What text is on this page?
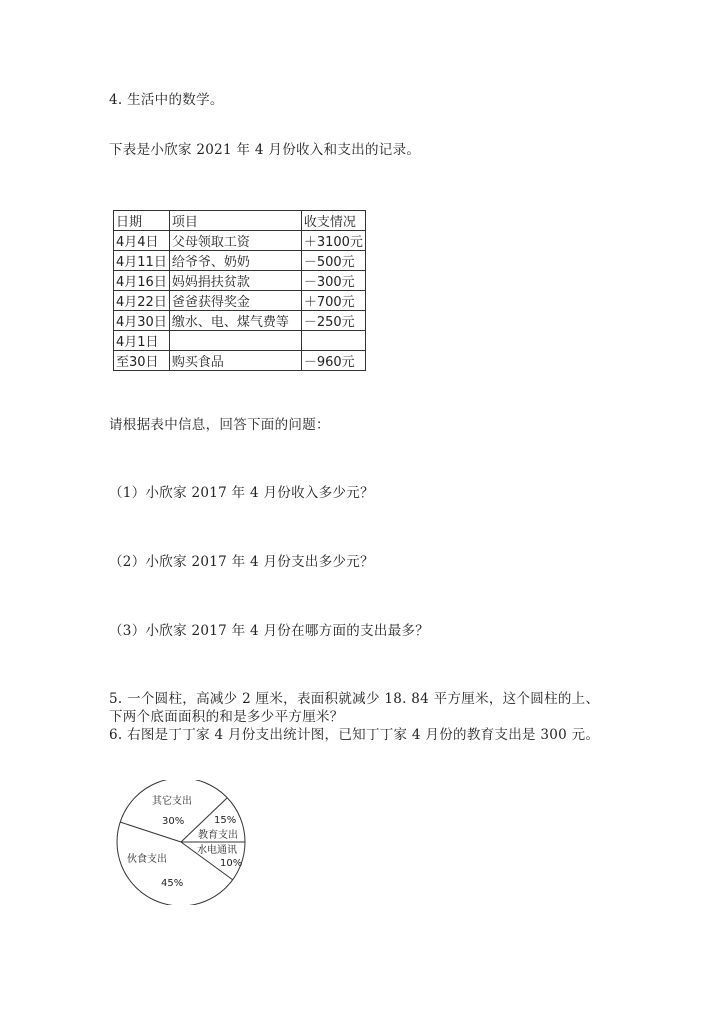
4. 生活中的数学。
下表是小欣家 2021 年 4 月份收入和支出的记录。
日期	项目	收支情况
4月4日	父母领取工资	＋3100元
4月11日	给爷爷、奶奶	－500元
4月16日	妈妈捐扶贫款	－300元
4月22日	爸爸获得奖金	＋700元
4月30日	缴水、电、煤气费等	－250元
4月1日		
至30日	购买食品	－960元
请根据表中信息，回答下面的问题：
（1）小欣家 2017 年 4 月份收入多少元？
（2）小欣家 2017 年 4 月份支出多少元？
（3）小欣家 2017 年 4 月份在哪方面的支出最多？
5. 一个圆柱，高减少 2 厘米，表面积就减少 18. 84 平方厘米，这个圆柱的上、
下两个底面面积的和是多少平方厘米？
6. 右图是丁丁家 4 月份支出统计图，已知丁丁家 4 月份的教育支出是 300 元。
其它支出
30%	15%
教育支出
水电通讯
10%
伙食支出
45%
